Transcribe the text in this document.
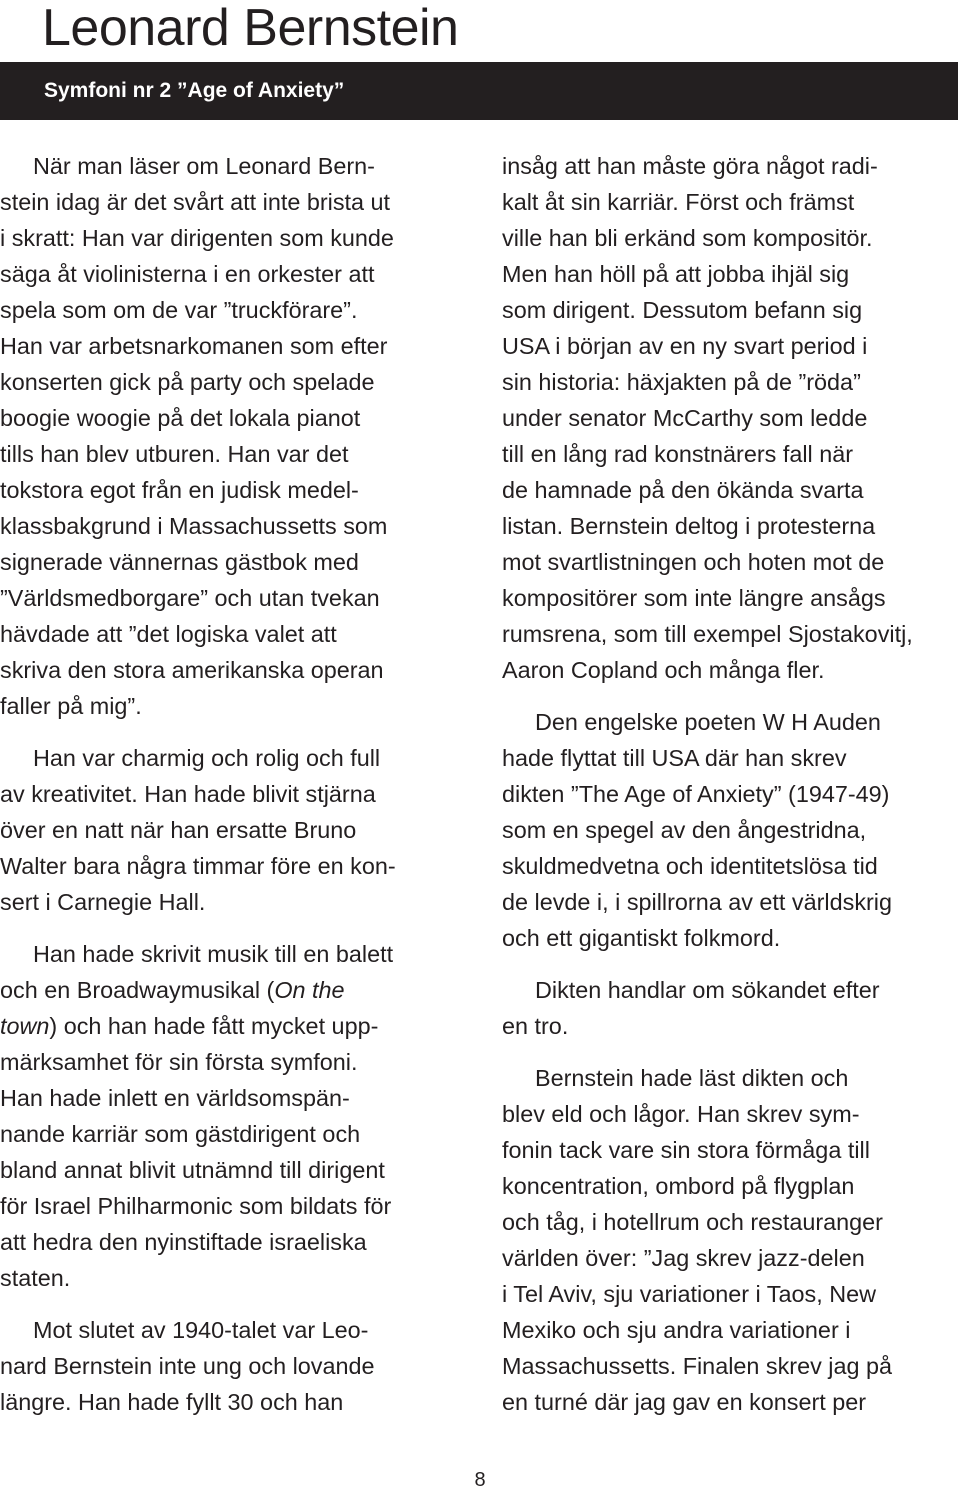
Leonard Bernstein
Symfoni nr 2 ”Age of Anxiety”
När man läser om Leonard Bern-
stein idag är det svårt att inte brista ut
i skratt: Han var dirigenten som kunde
säga åt violinisterna i en orkester att
spela som om de var ”truckförare”.
Han var arbetsnarkomanen som efter
konserten gick på party och spelade
boogie woogie på det lokala pianot
tills han blev utburen. Han var det
tokstora egot från en judisk medel-
klassbakgrund i Massachussetts som
signerade vännernas gästbok med
”Världsmedborgare” och utan tvekan
hävdade att ”det logiska valet att
skriva den stora amerikanska operan
faller på mig”.
Han var charmig och rolig och full
av kreativitet. Han hade blivit stjärna
över en natt när han ersatte Bruno
Walter bara några timmar före en kon-
sert i Carnegie Hall.
Han hade skrivit musik till en balett
och en Broadwaymusikal (On the
town) och han hade fått mycket upp-
märksamhet för sin första symfoni.
Han hade inlett en världsomspän-
nande karriär som gästdirigent och
bland annat blivit utnämnd till dirigent
för Israel Philharmonic som bildats för
att hedra den nyinstiftade israeliska
staten.
Mot slutet av 1940-talet var Leo-
nard Bernstein inte ung och lovande
längre. Han hade fyllt 30 och han
insåg att han måste göra något radi-
kalt åt sin karriär. Först och främst
ville han bli erkänd som kompositör.
Men han höll på att jobba ihjäl sig
som dirigent. Dessutom befann sig
USA i början av en ny svart period i
sin historia: häxjakten på de ”röda”
under senator McCarthy som ledde
till en lång rad konstnärers fall när
de hamnade på den ökända svarta
listan. Bernstein deltog i protesterna
mot svartlistningen och hoten mot de
kompositörer som inte längre ansågs
rumsrena, som till exempel Sjostakovitj,
Aaron Copland och många fler.
Den engelske poeten W H Auden
hade flyttat till USA där han skrev
dikten ”The Age of Anxiety” (1947-49)
som en spegel av den ångestridna,
skuldmedvetna och identitetslösa tid
de levde i, i spillrorna av ett världskrig
och ett gigantiskt folkmord.
Dikten handlar om sökandet efter
en tro.
Bernstein hade läst dikten och
blev eld och lågor. Han skrev sym-
fonin tack vare sin stora förmåga till
koncentration, ombord på flygplan
och tåg, i hotellrum och restauranger
världen över: ”Jag skrev jazz-delen
i Tel Aviv, sju variationer i Taos, New
Mexiko och sju andra variationer i
Massachussetts. Finalen skrev jag på
en turné där jag gav en konsert per
8
